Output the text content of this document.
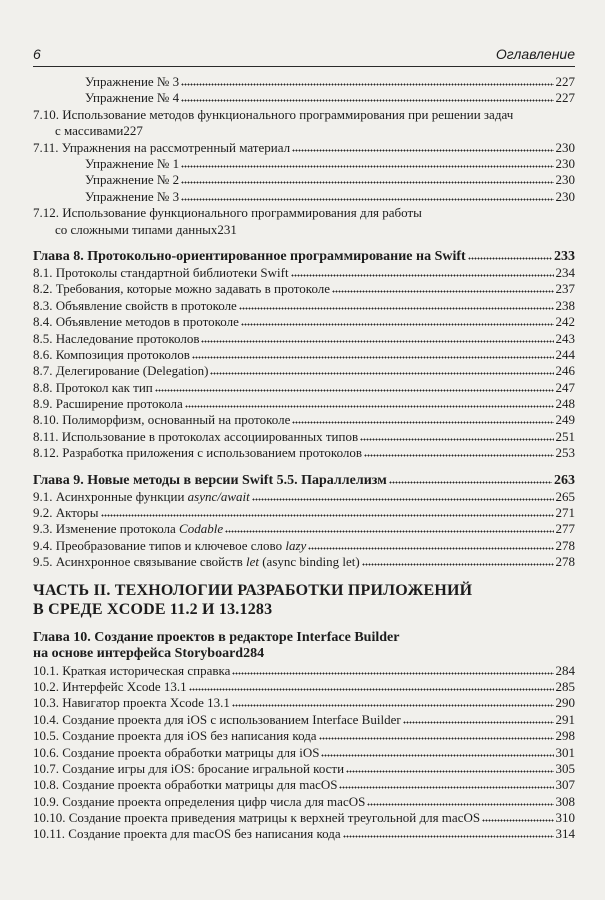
6	Оглавление
Упражнение № 3	227
Упражнение № 4	227
7.10. Использование методов функционального программирования при решении задач
с массивами 227
7.11. Упражнения на рассмотренный материал	230
Упражнение № 1	230
Упражнение № 2	230
Упражнение № 3	230
7.12. Использование функционального программирования для работы
со сложными типами данных 231
Глава 8. Протокольно-ориентированное программирование на Swift	233
8.1. Протоколы стандартной библиотеки Swift	234
8.2. Требования, которые можно задавать в протоколе	237
8.3. Объявление свойств в протоколе	238
8.4. Объявление методов в протоколе	242
8.5. Наследование протоколов	243
8.6. Композиция протоколов	244
8.7. Делегирование (Delegation)	246
8.8. Протокол как тип	247
8.9. Расширение протокола	248
8.10. Полиморфизм, основанный на протоколе	249
8.11. Использование в протоколах ассоциированных типов	251
8.12. Разработка приложения с использованием протоколов	253
Глава 9. Новые методы в версии Swift 5.5. Параллелизм	263
9.1. Асинхронные функции async/await	265
9.2. Акторы	271
9.3. Изменение протокола Codable	277
9.4. Преобразование типов и ключевое слово lazy	278
9.5. Асинхронное связывание свойств let (async binding let)	278
ЧАСТЬ II. ТЕХНОЛОГИИ РАЗРАБОТКИ ПРИЛОЖЕНИЙ
В СРЕДЕ XCODE 11.2 И 13.1 283
Глава 10. Создание проектов в редакторе Interface Builder
на основе интерфейса Storyboard 284
10.1. Краткая историческая справка	284
10.2. Интерфейс Xcode 13.1	285
10.3. Навигатор проекта Xcode 13.1	290
10.4. Создание проекта для iOS с использованием Interface Builder	291
10.5. Создание проекта для iOS без написания кода	298
10.6. Создание проекта обработки матрицы для iOS	301
10.7. Создание игры для iOS: бросание игральной кости	305
10.8. Создание проекта обработки матрицы для macOS	307
10.9. Создание проекта определения цифр числа для macOS	308
10.10. Создание проекта приведения матрицы к верхней треугольной для macOS	310
10.11. Создание проекта для macOS без написания кода	314
